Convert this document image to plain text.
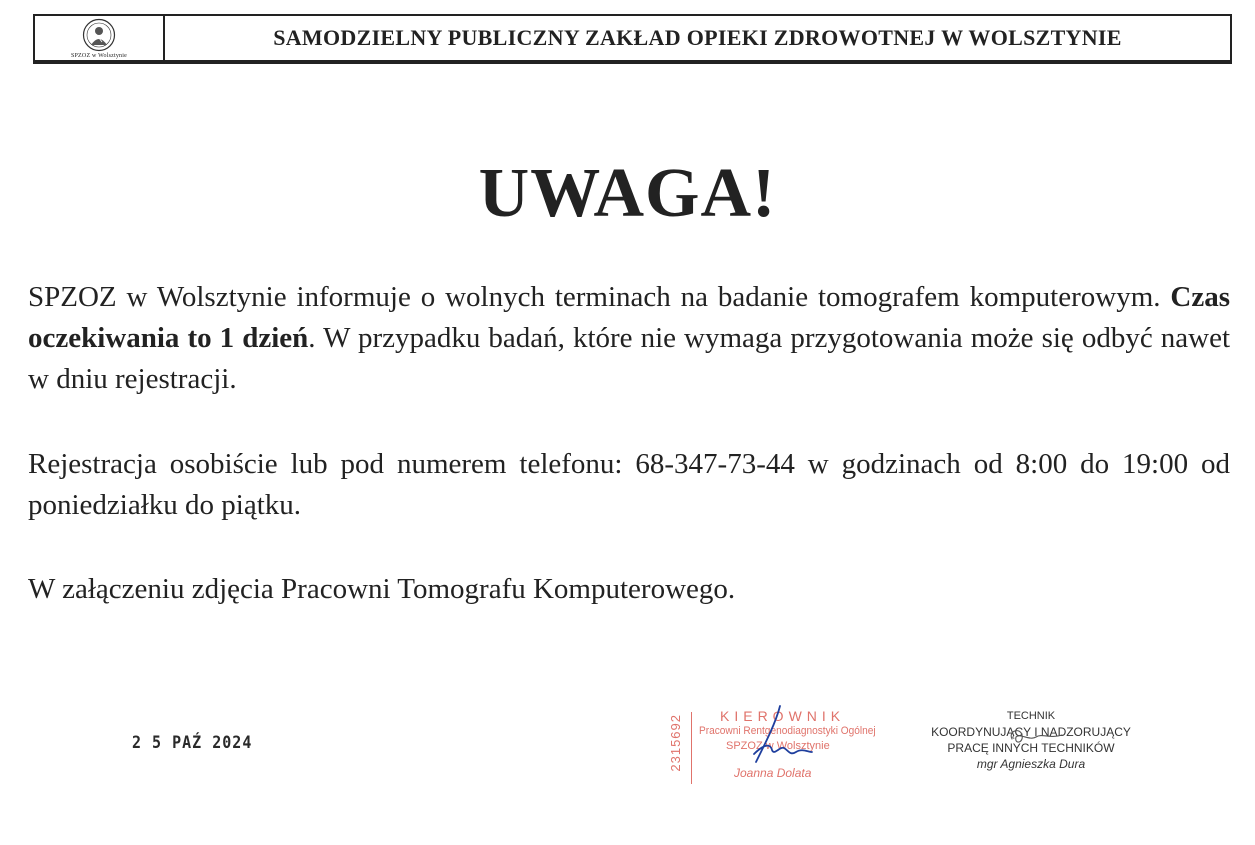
SPZOZ w Wolsztynie
SAMODZIELNY PUBLICZNY ZAKŁAD OPIEKI ZDROWOTNEJ W WOLSZTYNIE
UWAGA!

SPZOZ w Wolsztynie informuje o wolnych terminach na badanie tomografem komputerowym. Czas oczekiwania to 1 dzień. W przypadku badań, które nie wymaga przygotowania może się odbyć nawet w dniu rejestracji.

Rejestracja osobiście lub pod numerem telefonu: 68-347-73-44 w godzinach od 8:00 do 19:00 od poniedziałku do piątku.

W załączeniu zdjęcia Pracowni Tomografu Komputerowego.

2 5 PAŹ 2024	2315692	KIEROWNIK
Pracowni Rentgenodiagnostyki Ogólnej
SPZOZ w Wolsztynie
Joanna Dolata
TECHNIK
KOORDYNUJĄCY I NADZORUJĄCY
PRACĘ INNYCH TECHNIKÓW
mgr Agnieszka Dura
